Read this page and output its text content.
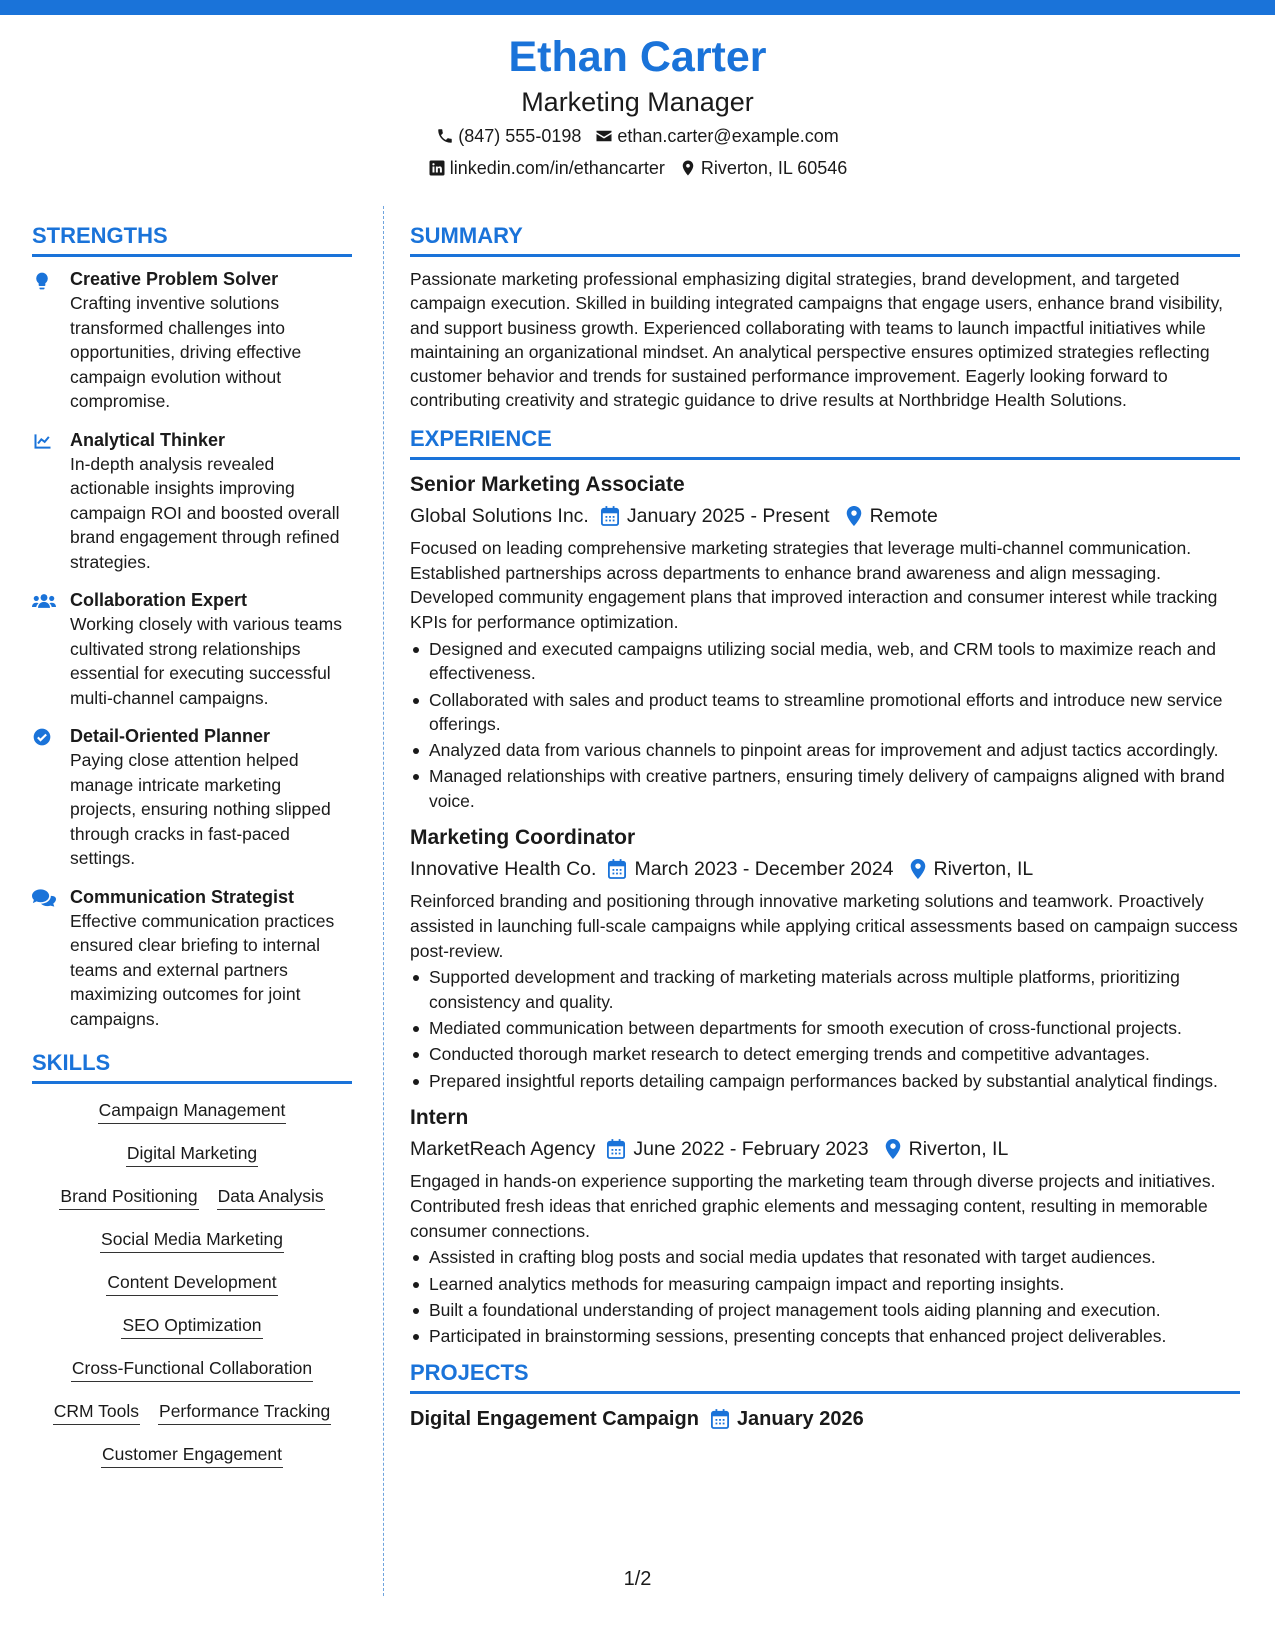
Ethan Carter
Marketing Manager
(847) 555-0198 ethan.carter@example.com
linkedin.com/in/ethancarter Riverton, IL 60546
STRENGTHS
Creative Problem Solver
Crafting inventive solutions transformed challenges into opportunities, driving effective campaign evolution without compromise.
Analytical Thinker
In-depth analysis revealed actionable insights improving campaign ROI and boosted overall brand engagement through refined strategies.
Collaboration Expert
Working closely with various teams cultivated strong relationships essential for executing successful multi-channel campaigns.
Detail-Oriented Planner
Paying close attention helped manage intricate marketing projects, ensuring nothing slipped through cracks in fast-paced settings.
Communication Strategist
Effective communication practices ensured clear briefing to internal teams and external partners maximizing outcomes for joint campaigns.
SKILLS
Campaign Management
Digital Marketing
Brand Positioning Data Analysis
Social Media Marketing
Content Development
SEO Optimization
Cross-Functional Collaboration
CRM Tools Performance Tracking
Customer Engagement
SUMMARY
Passionate marketing professional emphasizing digital strategies, brand development, and targeted campaign execution. Skilled in building integrated campaigns that engage users, enhance brand visibility, and support business growth. Experienced collaborating with teams to launch impactful initiatives while maintaining an organizational mindset. An analytical perspective ensures optimized strategies reflecting customer behavior and trends for sustained performance improvement. Eagerly looking forward to contributing creativity and strategic guidance to drive results at Northbridge Health Solutions.
EXPERIENCE
Senior Marketing Associate
Global Solutions Inc. January 2025 - Present Remote
Focused on leading comprehensive marketing strategies that leverage multi-channel communication. Established partnerships across departments to enhance brand awareness and align messaging. Developed community engagement plans that improved interaction and consumer interest while tracking KPIs for performance optimization.
Designed and executed campaigns utilizing social media, web, and CRM tools to maximize reach and effectiveness.
Collaborated with sales and product teams to streamline promotional efforts and introduce new service offerings.
Analyzed data from various channels to pinpoint areas for improvement and adjust tactics accordingly.
Managed relationships with creative partners, ensuring timely delivery of campaigns aligned with brand voice.
Marketing Coordinator
Innovative Health Co. March 2023 - December 2024 Riverton, IL
Reinforced branding and positioning through innovative marketing solutions and teamwork. Proactively assisted in launching full-scale campaigns while applying critical assessments based on campaign success post-review.
Supported development and tracking of marketing materials across multiple platforms, prioritizing consistency and quality.
Mediated communication between departments for smooth execution of cross-functional projects.
Conducted thorough market research to detect emerging trends and competitive advantages.
Prepared insightful reports detailing campaign performances backed by substantial analytical findings.
Intern
MarketReach Agency June 2022 - February 2023 Riverton, IL
Engaged in hands-on experience supporting the marketing team through diverse projects and initiatives. Contributed fresh ideas that enriched graphic elements and messaging content, resulting in memorable consumer connections.
Assisted in crafting blog posts and social media updates that resonated with target audiences.
Learned analytics methods for measuring campaign impact and reporting insights.
Built a foundational understanding of project management tools aiding planning and execution.
Participated in brainstorming sessions, presenting concepts that enhanced project deliverables.
PROJECTS
Digital Engagement Campaign January 2026
1/2
